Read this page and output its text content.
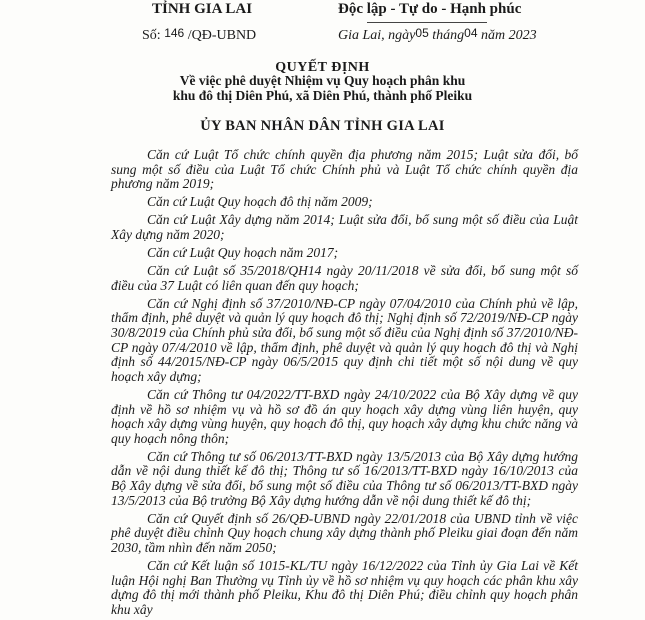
TỈNH GIA LAI	Độc lập - Tự do - Hạnh phúc
Số: 146 /QĐ-UBND	Gia Lai, ngày05 tháng04 năm 2023
QUYẾT ĐỊNH
Về việc phê duyệt Nhiệm vụ Quy hoạch phân khu
khu đô thị Diên Phú, xã Diên Phú, thành phố Pleiku
ỦY BAN NHÂN DÂN TỈNH GIA LAI

Căn cứ Luật Tổ chức chính quyền địa phương năm 2015; Luật sửa đổi, bổ sung một số điều của Luật Tổ chức Chính phủ và Luật Tổ chức chính quyền địa phương năm 2019;

Căn cứ Luật Quy hoạch đô thị năm 2009;

Căn cứ Luật Xây dựng năm 2014; Luật sửa đổi, bổ sung một số điều của Luật Xây dựng năm 2020;

Căn cứ Luật Quy hoạch năm 2017;

Căn cứ Luật số 35/2018/QH14 ngày 20/11/2018 về sửa đổi, bổ sung một số điều của 37 Luật có liên quan đến quy hoạch;

Căn cứ Nghị định số 37/2010/NĐ-CP ngày 07/04/2010 của Chính phủ về lập, thẩm định, phê duyệt và quản lý quy hoạch đô thị; Nghị định số 72/2019/NĐ-CP ngày 30/8/2019 của Chính phủ sửa đổi, bổ sung một số điều của Nghị định số 37/2010/NĐ-CP ngày 07/4/2010 về lập, thẩm định, phê duyệt và quản lý quy hoạch đô thị và Nghị định số 44/2015/NĐ-CP ngày 06/5/2015 quy định chi tiết một số nội dung về quy hoạch xây dựng;

Căn cứ Thông tư 04/2022/TT-BXD ngày 24/10/2022 của Bộ Xây dựng về quy định về hồ sơ nhiệm vụ và hồ sơ đồ án quy hoạch xây dựng vùng liên huyện, quy hoạch xây dựng vùng huyện, quy hoạch đô thị, quy hoạch xây dựng khu chức năng và quy hoạch nông thôn;

Căn cứ Thông tư số 06/2013/TT-BXD ngày 13/5/2013 của Bộ Xây dựng hướng dẫn về nội dung thiết kế đô thị; Thông tư số 16/2013/TT-BXD ngày 16/10/2013 của Bộ Xây dựng về sửa đổi, bổ sung một số điều của Thông tư số 06/2013/TT-BXD ngày 13/5/2013 của Bộ trưởng Bộ Xây dựng hướng dẫn về nội dung thiết kế đô thị;

Căn cứ Quyết định số 26/QĐ-UBND ngày 22/01/2018 của UBND tỉnh về việc phê duyệt điều chỉnh Quy hoạch chung xây dựng thành phố Pleiku giai đoạn đến năm 2030, tầm nhìn đến năm 2050;

Căn cứ Kết luận số 1015-KL/TU ngày 16/12/2022 của Tỉnh ủy Gia Lai về Kết luận Hội nghị Ban Thường vụ Tỉnh ủy về hồ sơ nhiệm vụ quy hoạch các phân khu xây dựng đô thị mới thành phố Pleiku, Khu đô thị Diên Phú; điều chỉnh quy hoạch phân khu xây
